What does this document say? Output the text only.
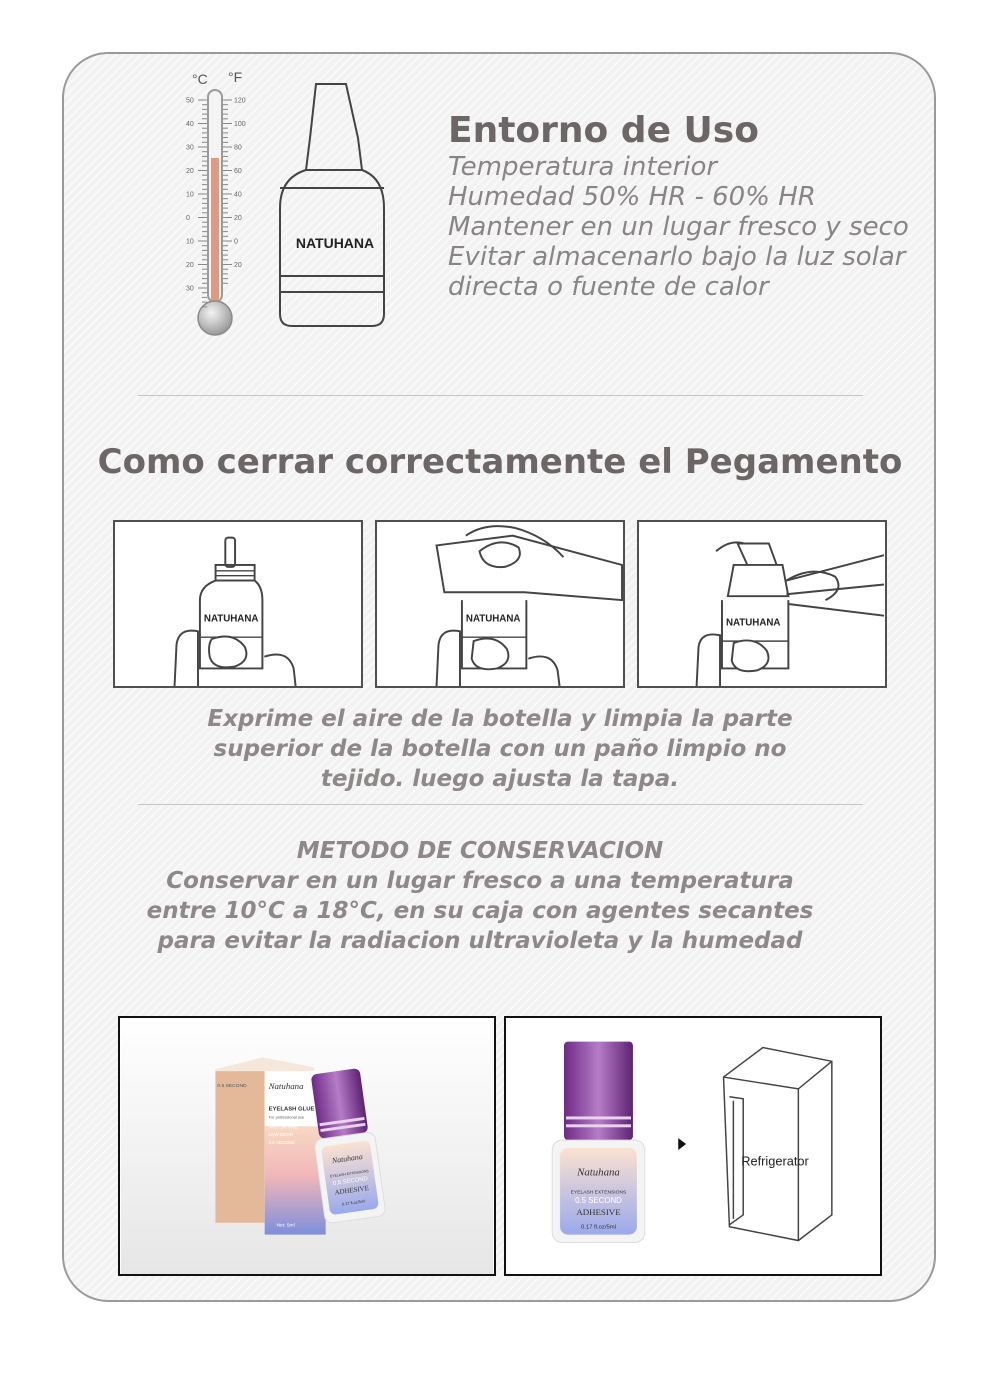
°C °F
50
40
30
20
10
0
10
20
30
120
100
80
60
40
20
0
20
NATUHANA
Entorno de Uso
Temperatura interior
Humedad 50% HR - 60% HR
Mantener en un lugar fresco y seco
Evitar almacenarlo bajo la luz solar
directa o fuente de calor
Como cerrar correctamente el Pegamento
NATUHANA	NATUHANA	NATUHANA
Exprime el aire de la botella y limpia la parte
superior de la botella con un paño limpio no
tejido. luego ajusta la tapa.
METODO DE CONSERVACION
Conservar en un lugar fresco a una temperatura
entre 10°C a 18°C, en su caja con agentes secantes
para evitar la radiacion ultravioleta y la humedad
0.5 SECOND Natuhana
EYELASH GLUE
For professional use
FAST DRYING
LOW ODOR
0.5 SECOND
Net: 5ml
Natuhana
EYELASH EXTENSIONS
0.5 SECOND
ADHESIVE
0.17 fl.oz/5ml
Natuhana
EYELASH EXTENSIONS
0.5 SECOND
ADHESIVE
0.17 fl.oz/5ml
Refrigerator
